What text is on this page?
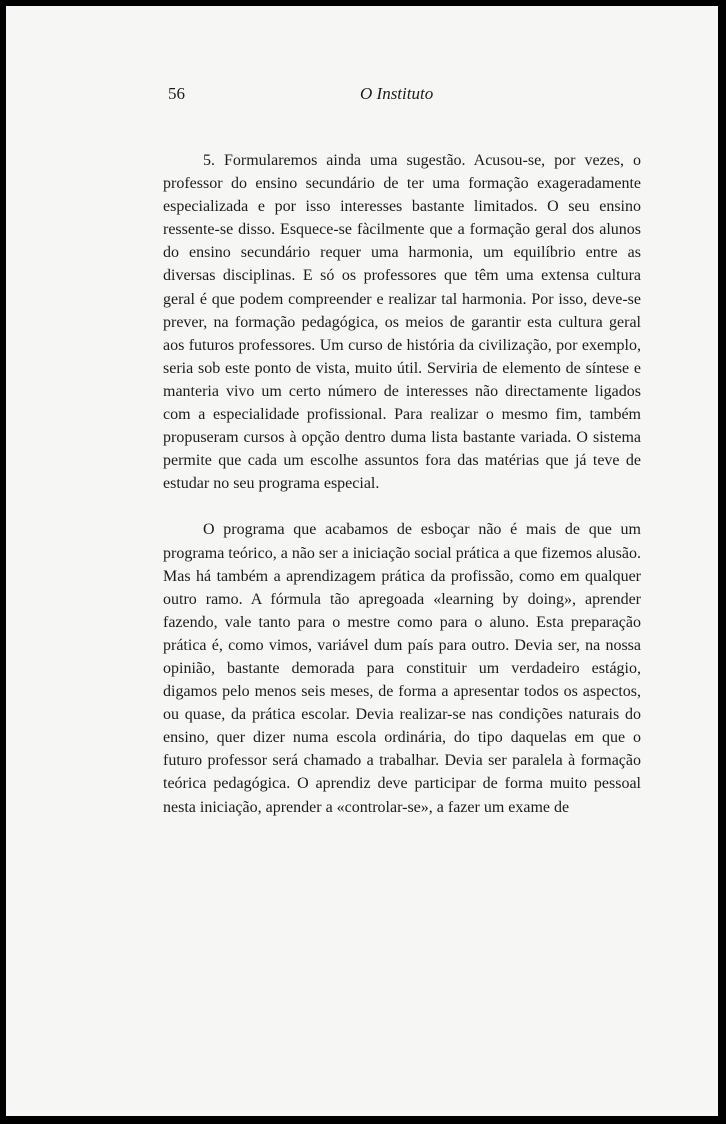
56	O Instituto

5. Formularemos ainda uma sugestão. Acusou-se, por vezes, o professor do ensino secundário de ter uma formação exageradamente especializada e por isso interesses bastante limitados. O seu ensino ressente-se disso. Esquece-se fàcilmente que a formação geral dos alunos do ensino secundário requer uma harmonia, um equilíbrio entre as diversas disciplinas. E só os professores que têm uma extensa cultura geral é que podem compreender e realizar tal harmonia. Por isso, deve-se prever, na formação pedagógica, os meios de garantir esta cultura geral aos futuros professores. Um curso de história da civilização, por exemplo, seria sob este ponto de vista, muito útil. Serviria de elemento de síntese e manteria vivo um certo número de interesses não directamente ligados com a especialidade profissional. Para realizar o mesmo fim, também propuseram cursos à opção dentro duma lista bastante variada. O sistema permite que cada um escolhe assuntos fora das matérias que já teve de estudar no seu programa especial.

O programa que acabamos de esboçar não é mais de que um programa teórico, a não ser a iniciação social prática a que fizemos alusão. Mas há também a aprendizagem prática da profissão, como em qualquer outro ramo. A fórmula tão apregoada «learning by doing», aprender fazendo, vale tanto para o mestre como para o aluno. Esta preparação prática é, como vimos, variável dum país para outro. Devia ser, na nossa opinião, bastante demorada para constituir um verdadeiro estágio, digamos pelo menos seis meses, de forma a apresentar todos os aspectos, ou quase, da prática escolar. Devia realizar-se nas condições naturais do ensino, quer dizer numa escola ordinária, do tipo daquelas em que o futuro professor será chamado a trabalhar. Devia ser paralela à formação teórica pedagógica. O aprendiz deve participar de forma muito pessoal nesta iniciação, aprender a «controlar-se», a fazer um exame de
